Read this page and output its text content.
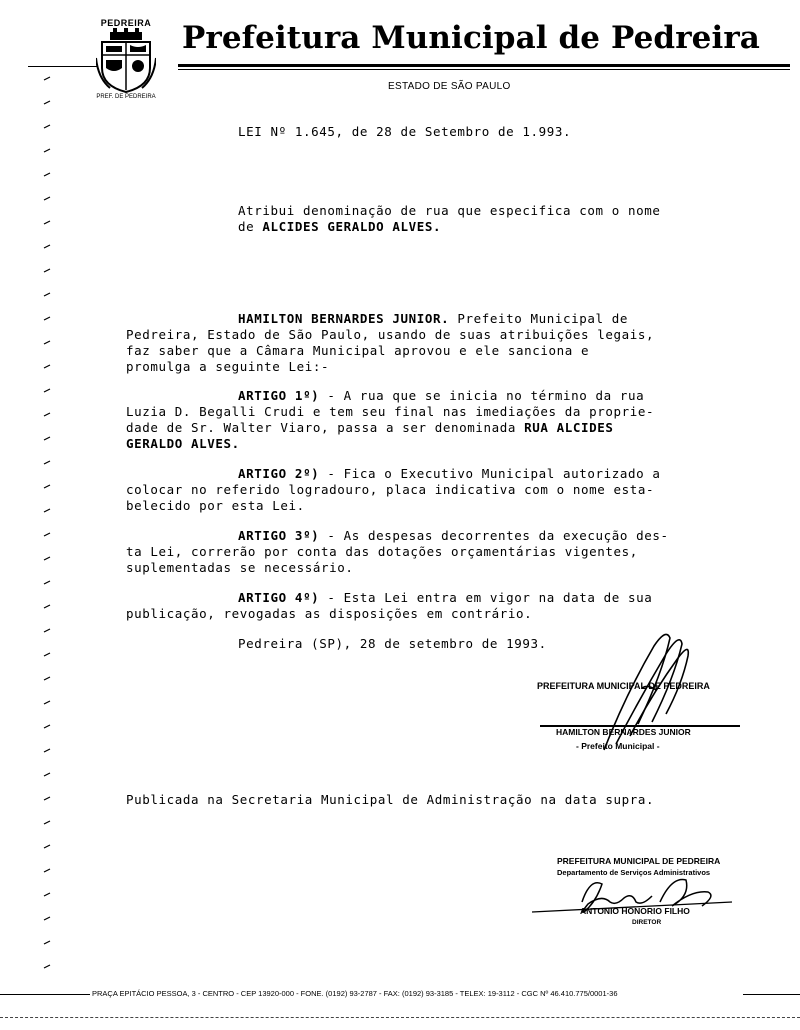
PEDREIRA
PREF. DE PEDREIRA
Prefeitura Municipal de Pedreira
ESTADO DE SÃO PAULO
LEI Nº 1.645, de 28 de Setembro de 1.993.
Atribui denominação de rua que especifica com o nome
de ALCIDES GERALDO ALVES.
HAMILTON BERNARDES JUNIOR. Prefeito Municipal de
Pedreira, Estado de São Paulo, usando de suas atribuições legais,
faz saber que a Câmara Municipal aprovou e ele sanciona e
promulga a seguinte Lei:-
ARTIGO 1º) - A rua que se inicia no término da rua
Luzia D. Begalli Crudi e tem seu final nas imediações da proprie-
dade de Sr. Walter Viaro, passa a ser denominada RUA ALCIDES
GERALDO ALVES.
ARTIGO 2º) - Fica o Executivo Municipal autorizado a
colocar no referido logradouro, placa indicativa com o nome esta-
belecido por esta Lei.
ARTIGO 3º) - As despesas decorrentes da execução des-
ta Lei, correrão por conta das dotações orçamentárias vigentes,
suplementadas se necessário.
ARTIGO 4º) - Esta Lei entra em vigor na data de sua
publicação, revogadas as disposições em contrário.
Pedreira (SP), 28 de setembro de 1993.
PREFEITURA MUNICIPAL DE PEDREIRA
HAMILTON BERNARDES JUNIOR
- Prefeito Municipal -
Publicada na Secretaria Municipal de Administração na data supra.
PREFEITURA MUNICIPAL DE PEDREIRA
Departamento de Serviços Administrativos
ANTONIO HONORIO FILHO
DIRETOR
PRAÇA EPITÁCIO PESSOA, 3 - CENTRO - CEP 13920-000 - FONE. (0192) 93-2787 - FAX: (0192) 93-3185 - TELEX: 19-3112 - CGC Nº 46.410.775/0001-36
